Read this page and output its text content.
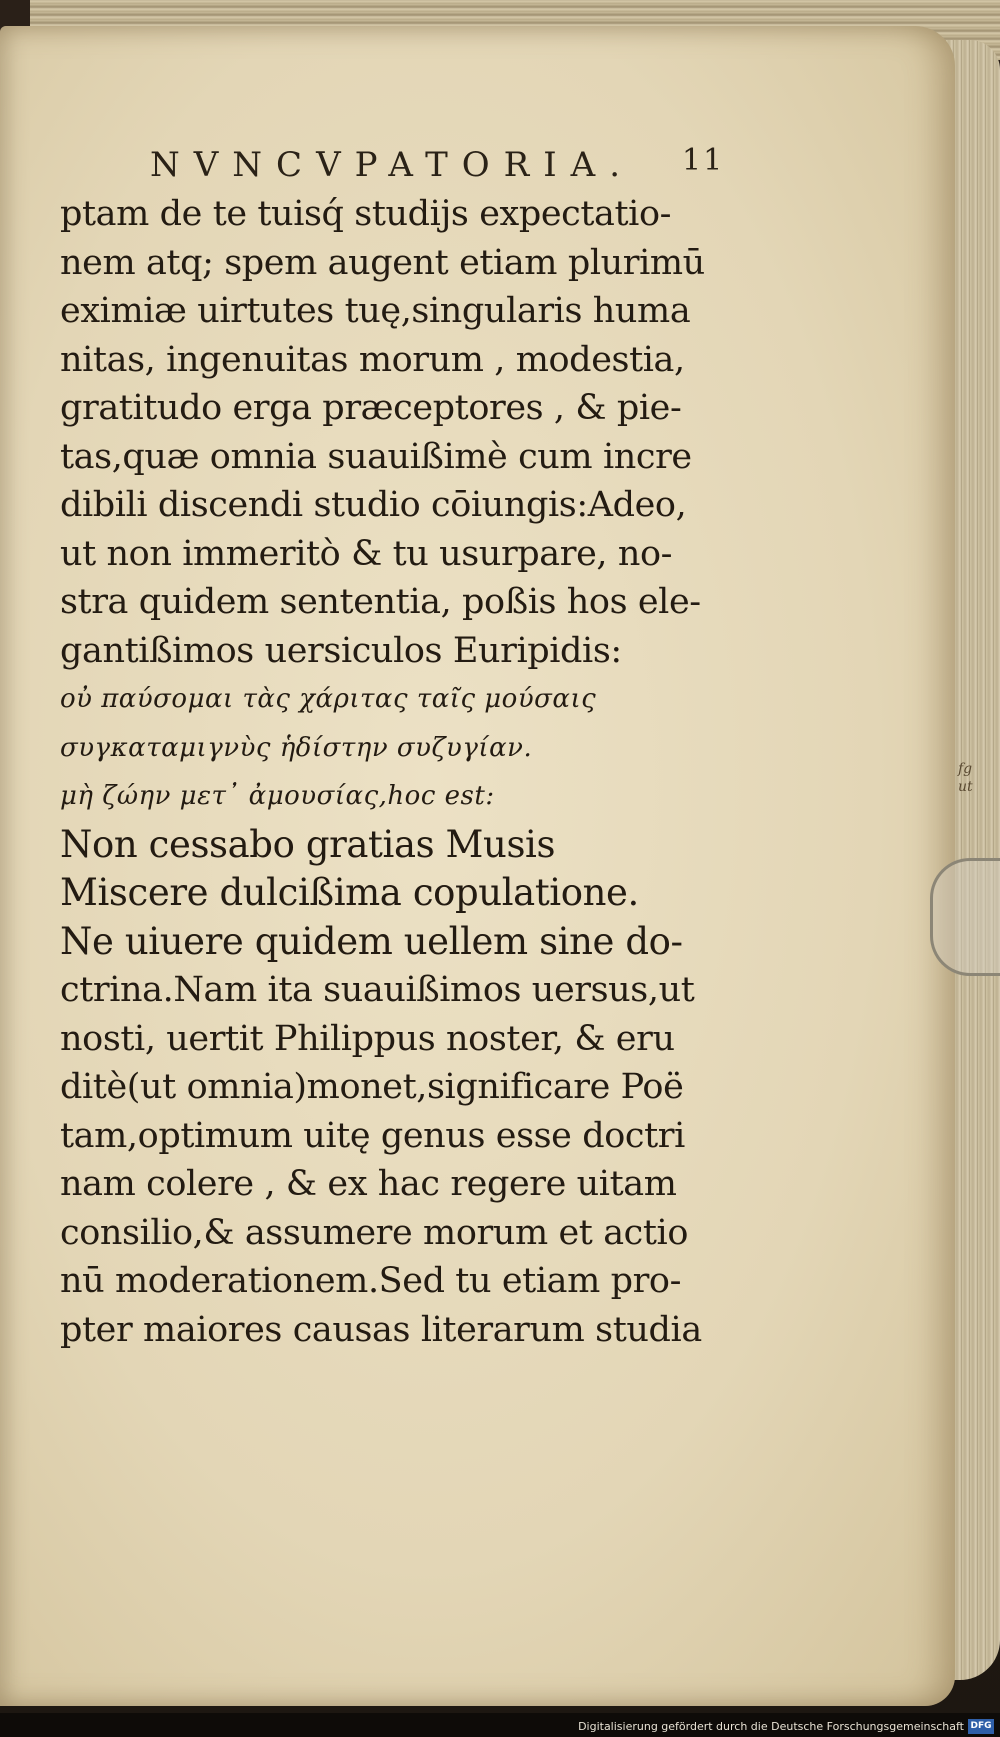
NVNCVPATORIA.	11
ptam de te tuisq́ studijs expectatio-
nem atq; spem augent etiam plurimū
eximiæ uirtutes tuę,singularis huma
nitas, ingenuitas morum , modestia,
gratitudo erga præceptores , & pie-
tas,quæ omnia suauißimè cum incre
dibili discendi studio cōiungis:Adeo,
ut non immeritò & tu usurpare, no-
stra quidem sententia, poßis hos ele-
gantißimos uersiculos Euripidis:
οὐ παύσομαι τὰς χάριτας ταῖς μούσαις
συγκαταμιγνὺς ἡδίστην συζυγίαν.
μὴ ζώην μετ᾽ ἀμουσίας,hoc est:
Non cessabo gratias Musis
Miscere dulcißima copulatione.
Ne uiuere quidem uellem sine do-
ctrina.Nam ita suauißimos uersus,ut
nosti, uertit Philippus noster, & eru
ditè(ut omnia)monet,significare Poë
tam,optimum uitę genus esse doctri
nam colere , & ex hac regere uitam
consilio,& assumere morum et actio
nū moderationem.Sed tu etiam pro-
pter maiores causas literarum studia
fg
ut
Digitalisierung gefördert durch die Deutsche Forschungsgemeinschaft DFG
